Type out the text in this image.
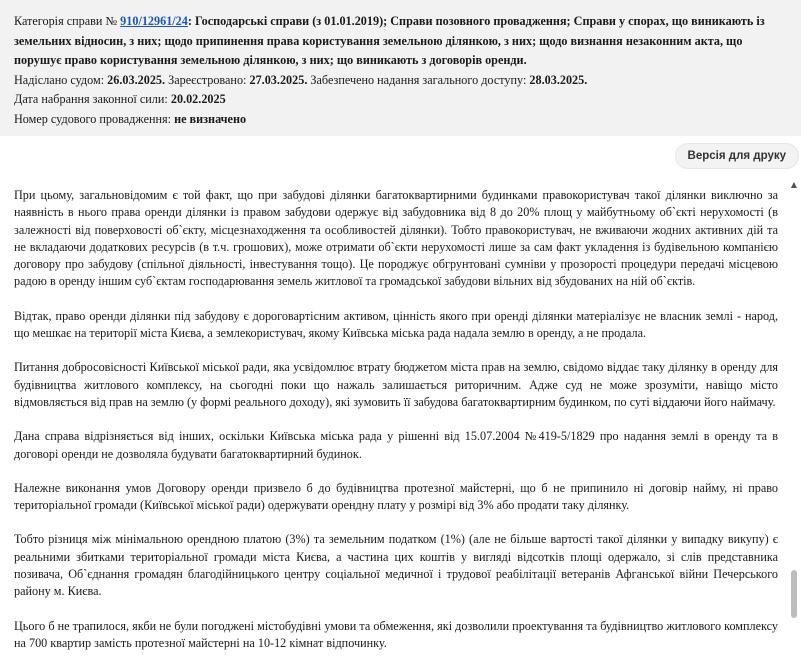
Категорія справи № 910/12961/24: Господарські справи (з 01.01.2019); Справи позовного провадження; Справи у спорах, що виникають із земельних відносин, з них; щодо припинення права користування земельною ділянкою, з них; щодо визнання незаконним акта, що порушує право користування земельною ділянкою, з них; що виникають з договорів оренди.

Надіслано судом: 26.03.2025. Зареєстровано: 27.03.2025. Забезпечено надання загального доступу: 28.03.2025.

Дата набрання законної сили: 20.02.2025

Номер судового провадження: не визначено

Версія для друку

При цьому, загальновідомим є той факт, що при забудові ділянки багатоквартирними будинками правокористувач такої ділянки виключно за наявність в нього права оренди ділянки із правом забудови одержує від забудовника від 8 до 20% площ у майбутньому об`єкті нерухомості (в залежності від поверховості об`єкту, місцезнаходження та особливостей ділянки). Тобто правокористувач, не вживаючи жодних активних дій та не вкладаючи додаткових ресурсів (в т.ч. грошових), може отримати об`єкти нерухомості лише за сам факт укладення із будівельною компанією договору про забудову (спільної діяльності, інвестування тощо). Це породжує обгрунтовані сумніви у прозорості процедури передачі місцевою радою в оренду іншим суб`єктам господарювання земель житлової та громадської забудови вільних від збудованих на ній об`єктів.

Відтак, право оренди ділянки під забудову є дороговартісним активом, цінність якого при оренді ділянки матеріалізує не власник землі - народ, що мешкає на території міста Києва, а землекористувач, якому Київська міська рада надала землю в оренду, а не продала.

Питання добросовісності Київської міської ради, яка усвідомлює втрату бюджетом міста прав на землю, свідомо віддає таку ділянку в оренду для будівництва житлового комплексу, на сьогодні поки що нажаль залишається риторичним. Адже суд не може зрозуміти, навіщо місто відмовляється від прав на землю (у формі реального доходу), які зумовить її забудова багатоквартирним будинком, по суті віддаючи його наймачу.

Дана справа відрізняється від інших, оскільки Київська міська рада у рішенні від 15.07.2004 №419-5/1829 про надання землі в оренду та в договорі оренди не дозволяла будувати багатоквартирний будинок.

Належне виконання умов Договору оренди призвело б до будівництва протезної майстерні, що б не припинило ні договір найму, ні право територіальної громади (Київської міської ради) одержувати орендну плату у розмірі від 3% або продати таку ділянку.

Тобто різниця між мінімальною орендною платою (3%) та земельним податком (1%) (але не більше вартості такої ділянки у випадку викупу) є реальними збитками територіальної громади міста Києва, а частина цих коштів у вигляді відсотків площі одержало, зі слів представника позивача, Об`єднання громадян благодійницького центру соціальної медичної і трудової реабілітації ветеранів Афганської війни Печерського району м. Києва.

Цього б не трапилося, якби не були погоджені містобудівні умови та обмеження, які дозволили проектування та будівництво житлового комплексу на 700 квартир замість протезної майстерні на 10-12 кімнат відпочинку.

▲
